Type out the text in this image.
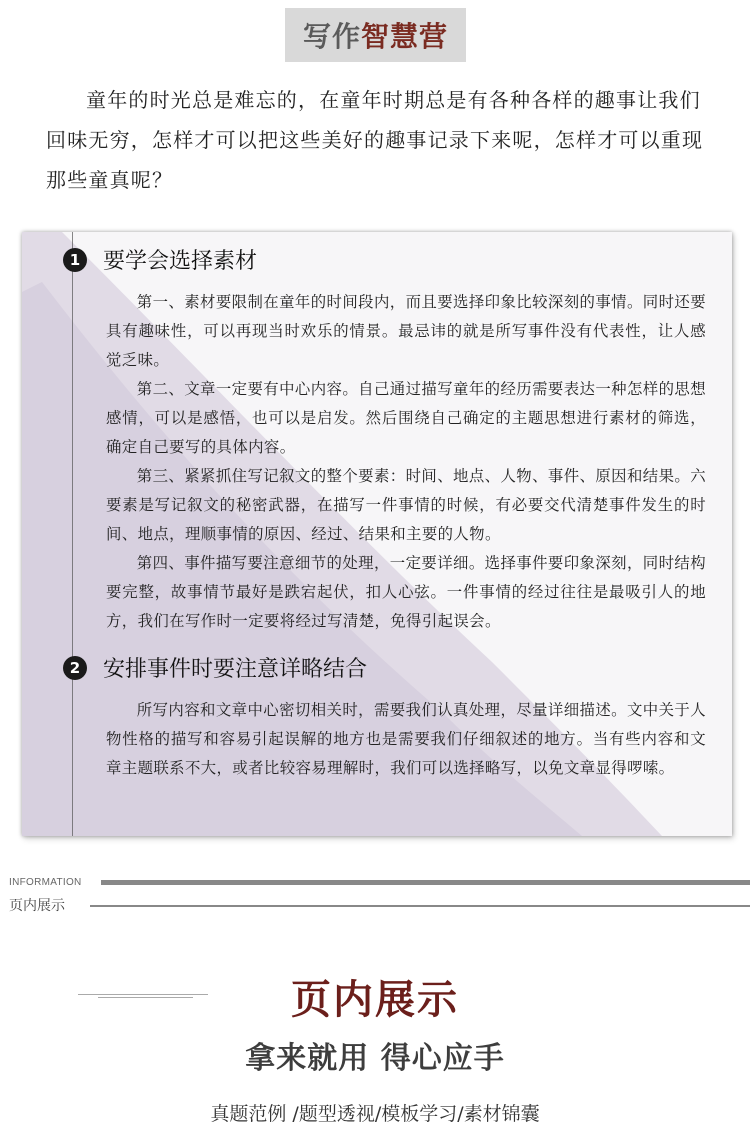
写作 智慧营

童年的时光总是难忘的，在童年时期总是有各种各样的趣事让我们回味无穷，怎样才可以把这些美好的趣事记录下来呢，怎样才可以重现那些童真呢？

1	要学会选择素材

第一、素材要限制在童年的时间段内，而且要选择印象比较深刻的事情。同时还要具有趣味性，可以再现当时欢乐的情景。最忌讳的就是所写事件没有代表性，让人感觉乏味。

第二、文章一定要有中心内容。自己通过描写童年的经历需要表达一种怎样的思想感情，可以是感悟，也可以是启发。然后围绕自己确定的主题思想进行素材的筛选，确定自己要写的具体内容。

第三、紧紧抓住写记叙文的整个要素：时间、地点、人物、事件、原因和结果。六要素是写记叙文的秘密武器，在描写一件事情的时候，有必要交代清楚事件发生的时间、地点，理顺事情的原因、经过、结果和主要的人物。

第四、事件描写要注意细节的处理，一定要详细。选择事件要印象深刻，同时结构要完整，故事情节最好是跌宕起伏，扣人心弦。一件事情的经过往往是最吸引人的地方，我们在写作时一定要将经过写清楚，免得引起误会。

2	安排事件时要注意详略结合

所写内容和文章中心密切相关时，需要我们认真处理，尽量详细描述。文中关于人物性格的描写和容易引起误解的地方也是需要我们仔细叙述的地方。当有些内容和文章主题联系不大，或者比较容易理解时，我们可以选择略写，以免文章显得啰嗦。

INFORMATION
页内展示
页内展示
拿来就用 得心应手
真题范例 /题型透视/模板学习/素材锦囊
